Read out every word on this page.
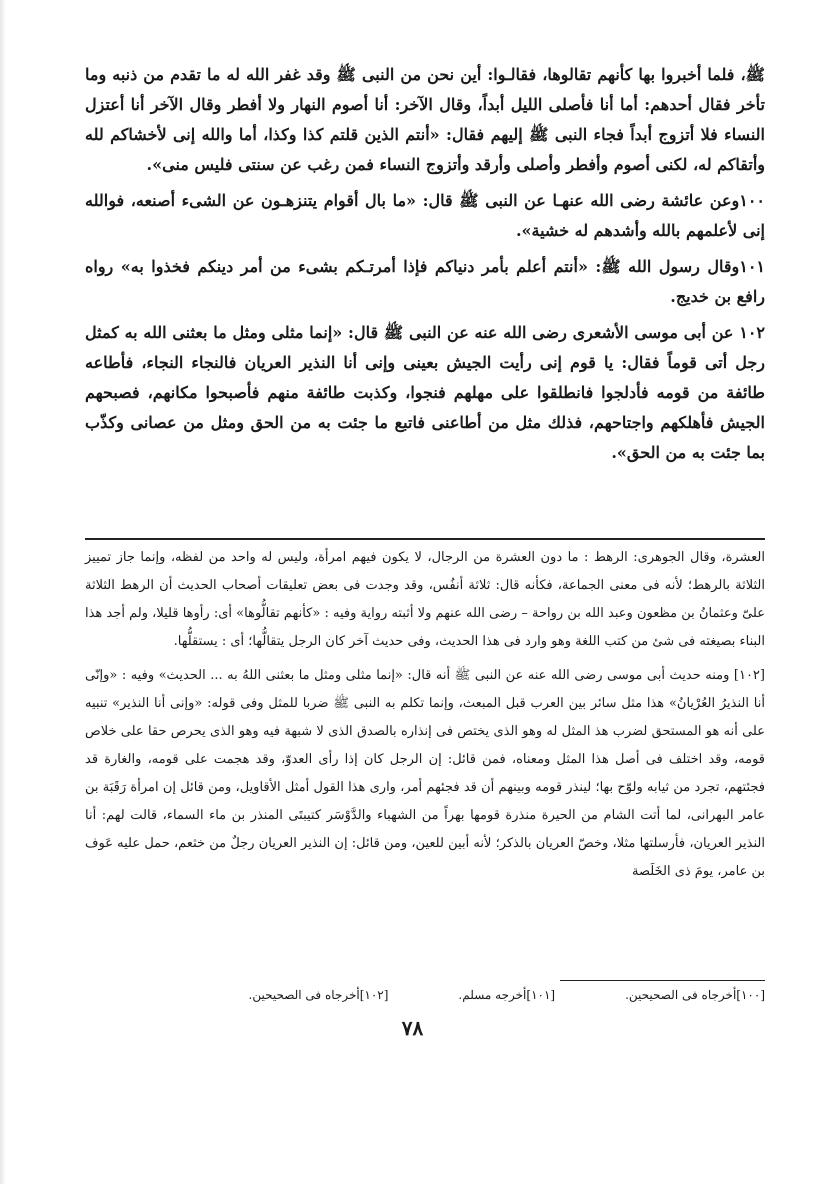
ﷺ، فلما أخبروا بها كأنهم تقالوها، فقالـوا: أين نحن من النبى ﷺ وقد غفر الله له ما تقدم من ذنبه وما تأخر فقال أحدهم: أما أنا فأصلى الليل أبداً، وقال الآخر: أنا أصوم النهار ولا أفطر وقال الآخر أنا أعتزل النساء فلا أتزوج أبداً فجاء النبى ﷺ إليهم فقال: «أنتم الذين قلتم كذا وكذا، أما والله إنى لأخشاكم لله وأتقاكم له، لكنى أصوم وأفطر وأصلى وأرقد وأتزوج النساء فمن رغب عن سنتى فليس منى».

١٠٠وعن عائشة رضى الله عنهـا عن النبى ﷺ قال: «ما بال أقوام يتنزهـون عن الشىء أصنعه، فوالله إنى لأعلمهم بالله وأشدهم له خشية».

١٠١وقال رسول الله ﷺ: «أنتم أعلم بأمر دنياكم فإذا أمرتـكم بشىء من أمر دينكم فخذوا به» رواه رافع بن خديج.

١٠٢ عن أبى موسى الأشعرى رضى الله عنه عن النبى ﷺ قال: «إنما مثلى ومثل ما بعثنى الله به كمثل رجل أتى قوماً فقال: يا قوم إنى رأيت الجيش بعينى وإنى أنا النذير العريان فالنجاء النجاء، فأطاعه طائفة من قومه فأدلجوا فانطلقوا على مهلهم فنجوا، وكذبت طائفة منهم فأصبحوا مكانهم، فصبحهم الجيش فأهلكهم واجتاحهم، فذلك مثل من أطاعنى فاتبع ما جئت به من الحق ومثل من عصانى وكذّب بما جئت به من الحق».

العشرة، وقال الجوهرى: الرهط : ما دون العشرة من الرجال، لا يكون فيهم امرأة، وليس له واحد من لفظه، وإنما جاز تمييز الثلاثة بالرهط؛ لأنه فى معنى الجماعة، فكأنه قال: ثلاثة أنفُس، وقد وجدت فى بعض تعليقات أصحاب الحديث أن الرهط الثلاثة علىّ وعثمانُ بن مظعون وعبد الله بن رواحة – رضى الله عنهم ولا أثبته رواية وفيه : «كأنهم تقالُّوها» أى: رأوها قليلا، ولم أجد هذا البناء بصيغته فى شئ من كتب اللغة وهو وارد فى هذا الحديث، وفى حديث آخر كان الرجل يتقالُّها؛ أى : يستقلُّها.

[١٠٢] ومنه حديث أبى موسى رضى الله عنه عن النبى ﷺ أنه قال: «إنما مثلى ومثل ما بعثنى اللهُ به ... الحديث» وفيه : «وإنّى أنا النذيرُ العُرْيانُ» هذا مثل سائر بين العرب قبل المبعث، وإنما تكلم به النبى ﷺ ضربا للمثل وفى قوله: «وإنى أنا النذير» تنبيه على أنه هو المستحق لضرب هذ المثل له وهو الذى يختص فى إنذاره بالصدق الذى لا شبهة فيه وهو الذى يحرص حقا على خلاص قومه، وقد اختلف فى أصل هذا المثل ومعناه، فمن قائل: إن الرجل كان إذا رأى العدوّ، وقد هجمت على قومه، والغارة قد فجئتهم، تجرد من ثيابه ولوّح بها؛ لينذر قومه وبينهم أن قد فجئهم أمر، وارى هذا القول أمثل الأقاويل، ومن قائل إن امرأة رَقَبَة بن عامر البهرانى، لما أتت الشام من الحيرة منذرة قومها بهراً من الشهباء والدَّوْسَر كتيبتَى المنذر بن ماء السماء، قالت لهم: أنا النذير العريان، فأرسلتها مثلا، وخصّ العريان بالذكر؛ لأنه أبين للعين، ومن قائل: إن النذير العريان رجلٌ من خثعم، حمل عليه عَوف بن عامر، يومَ ذى الخَلَصة

[١٠٠]أخرجاه فى الصحيحين.
[١٠١]أخرجه مسلم.
[١٠٢]أخرجاه فى الصحيحين.
٧٨
